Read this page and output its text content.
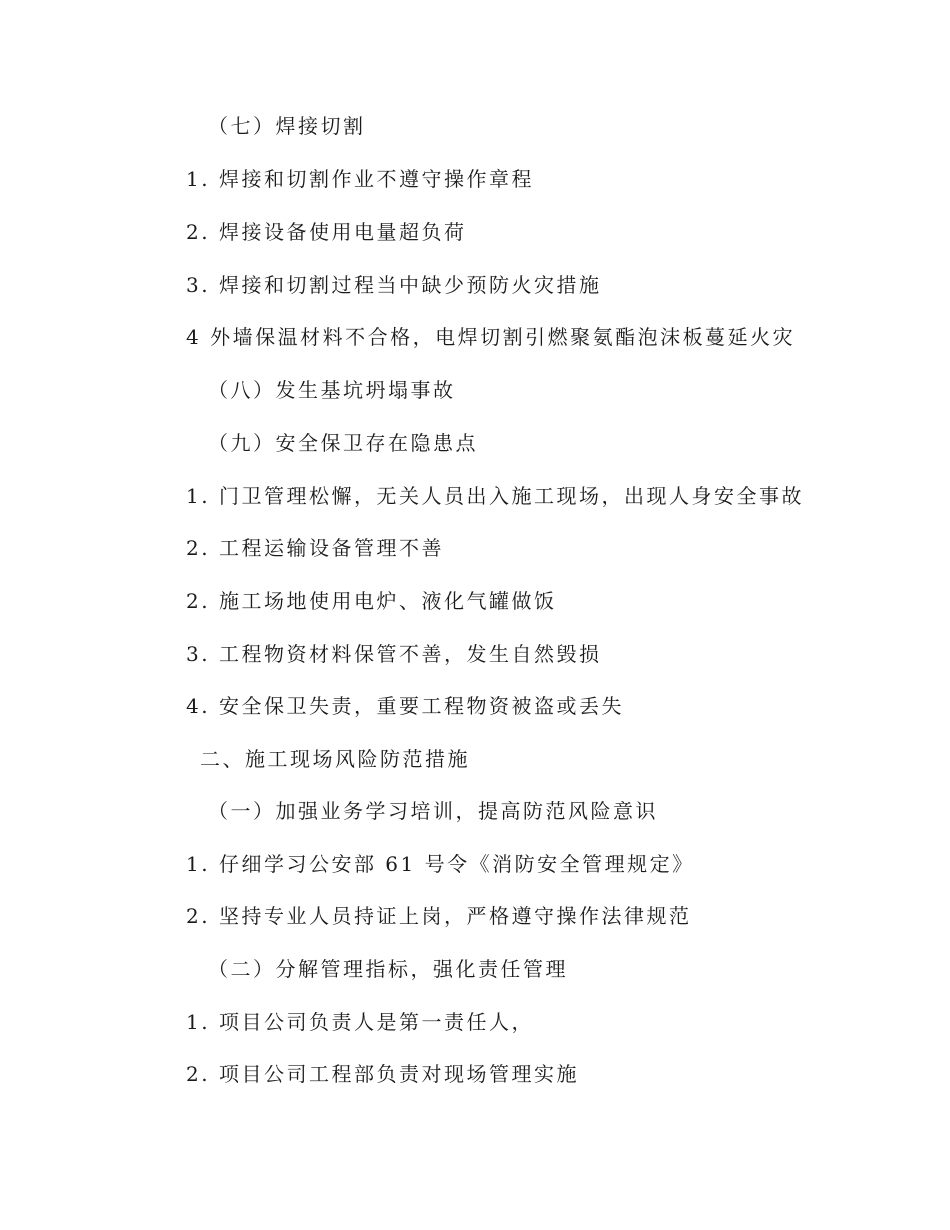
（七）焊接切割
1. 焊接和切割作业不遵守操作章程
2. 焊接设备使用电量超负荷
3. 焊接和切割过程当中缺少预防火灾措施
4 外墙保温材料不合格，电焊切割引燃聚氨酯泡沫板蔓延火灾
（八）发生基坑坍塌事故
（九）安全保卫存在隐患点
1. 门卫管理松懈，无关人员出入施工现场，出现人身安全事故
2. 工程运输设备管理不善
2. 施工场地使用电炉、液化气罐做饭
3. 工程物资材料保管不善，发生自然毁损
4. 安全保卫失责，重要工程物资被盗或丢失
二、施工现场风险防范措施
（一）加强业务学习培训，提高防范风险意识
1. 仔细学习公安部 61 号令《消防安全管理规定》
2. 坚持专业人员持证上岗，严格遵守操作法律规范
（二）分解管理指标，强化责任管理
1. 项目公司负责人是第一责任人，
2. 项目公司工程部负责对现场管理实施
